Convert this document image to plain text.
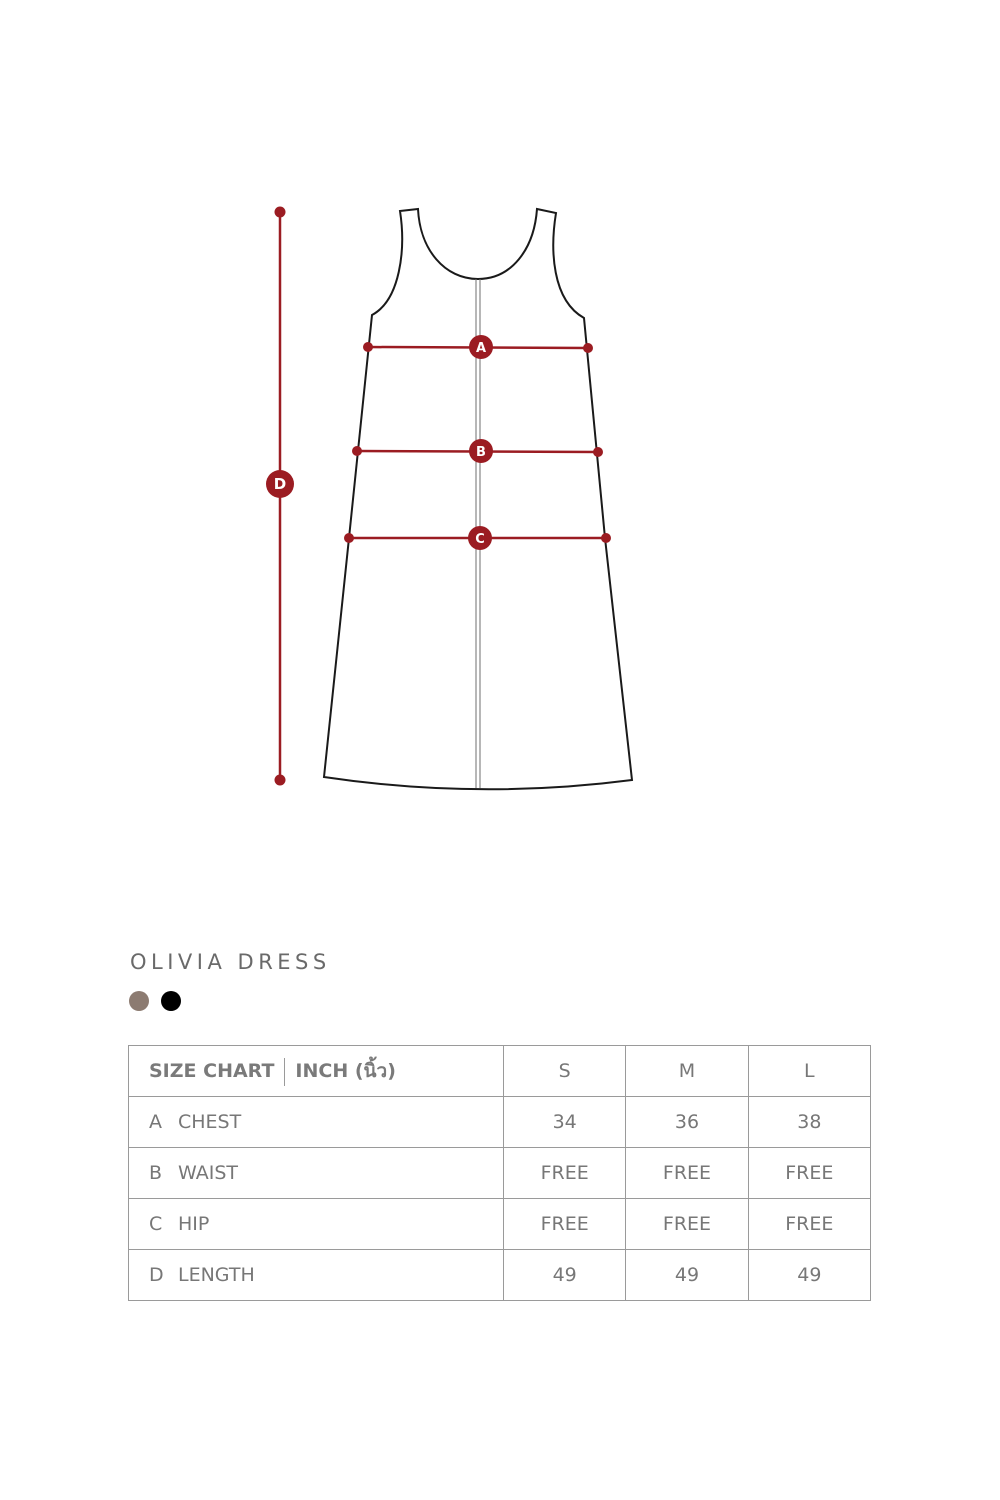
A
B
C
D
OLIVIA DRESS
SIZE CHART INCH (นิ้ว)	S	M	L
A CHEST	34	36	38
B WAIST	FREE	FREE	FREE
C HIP	FREE	FREE	FREE
D LENGTH	49	49	49
